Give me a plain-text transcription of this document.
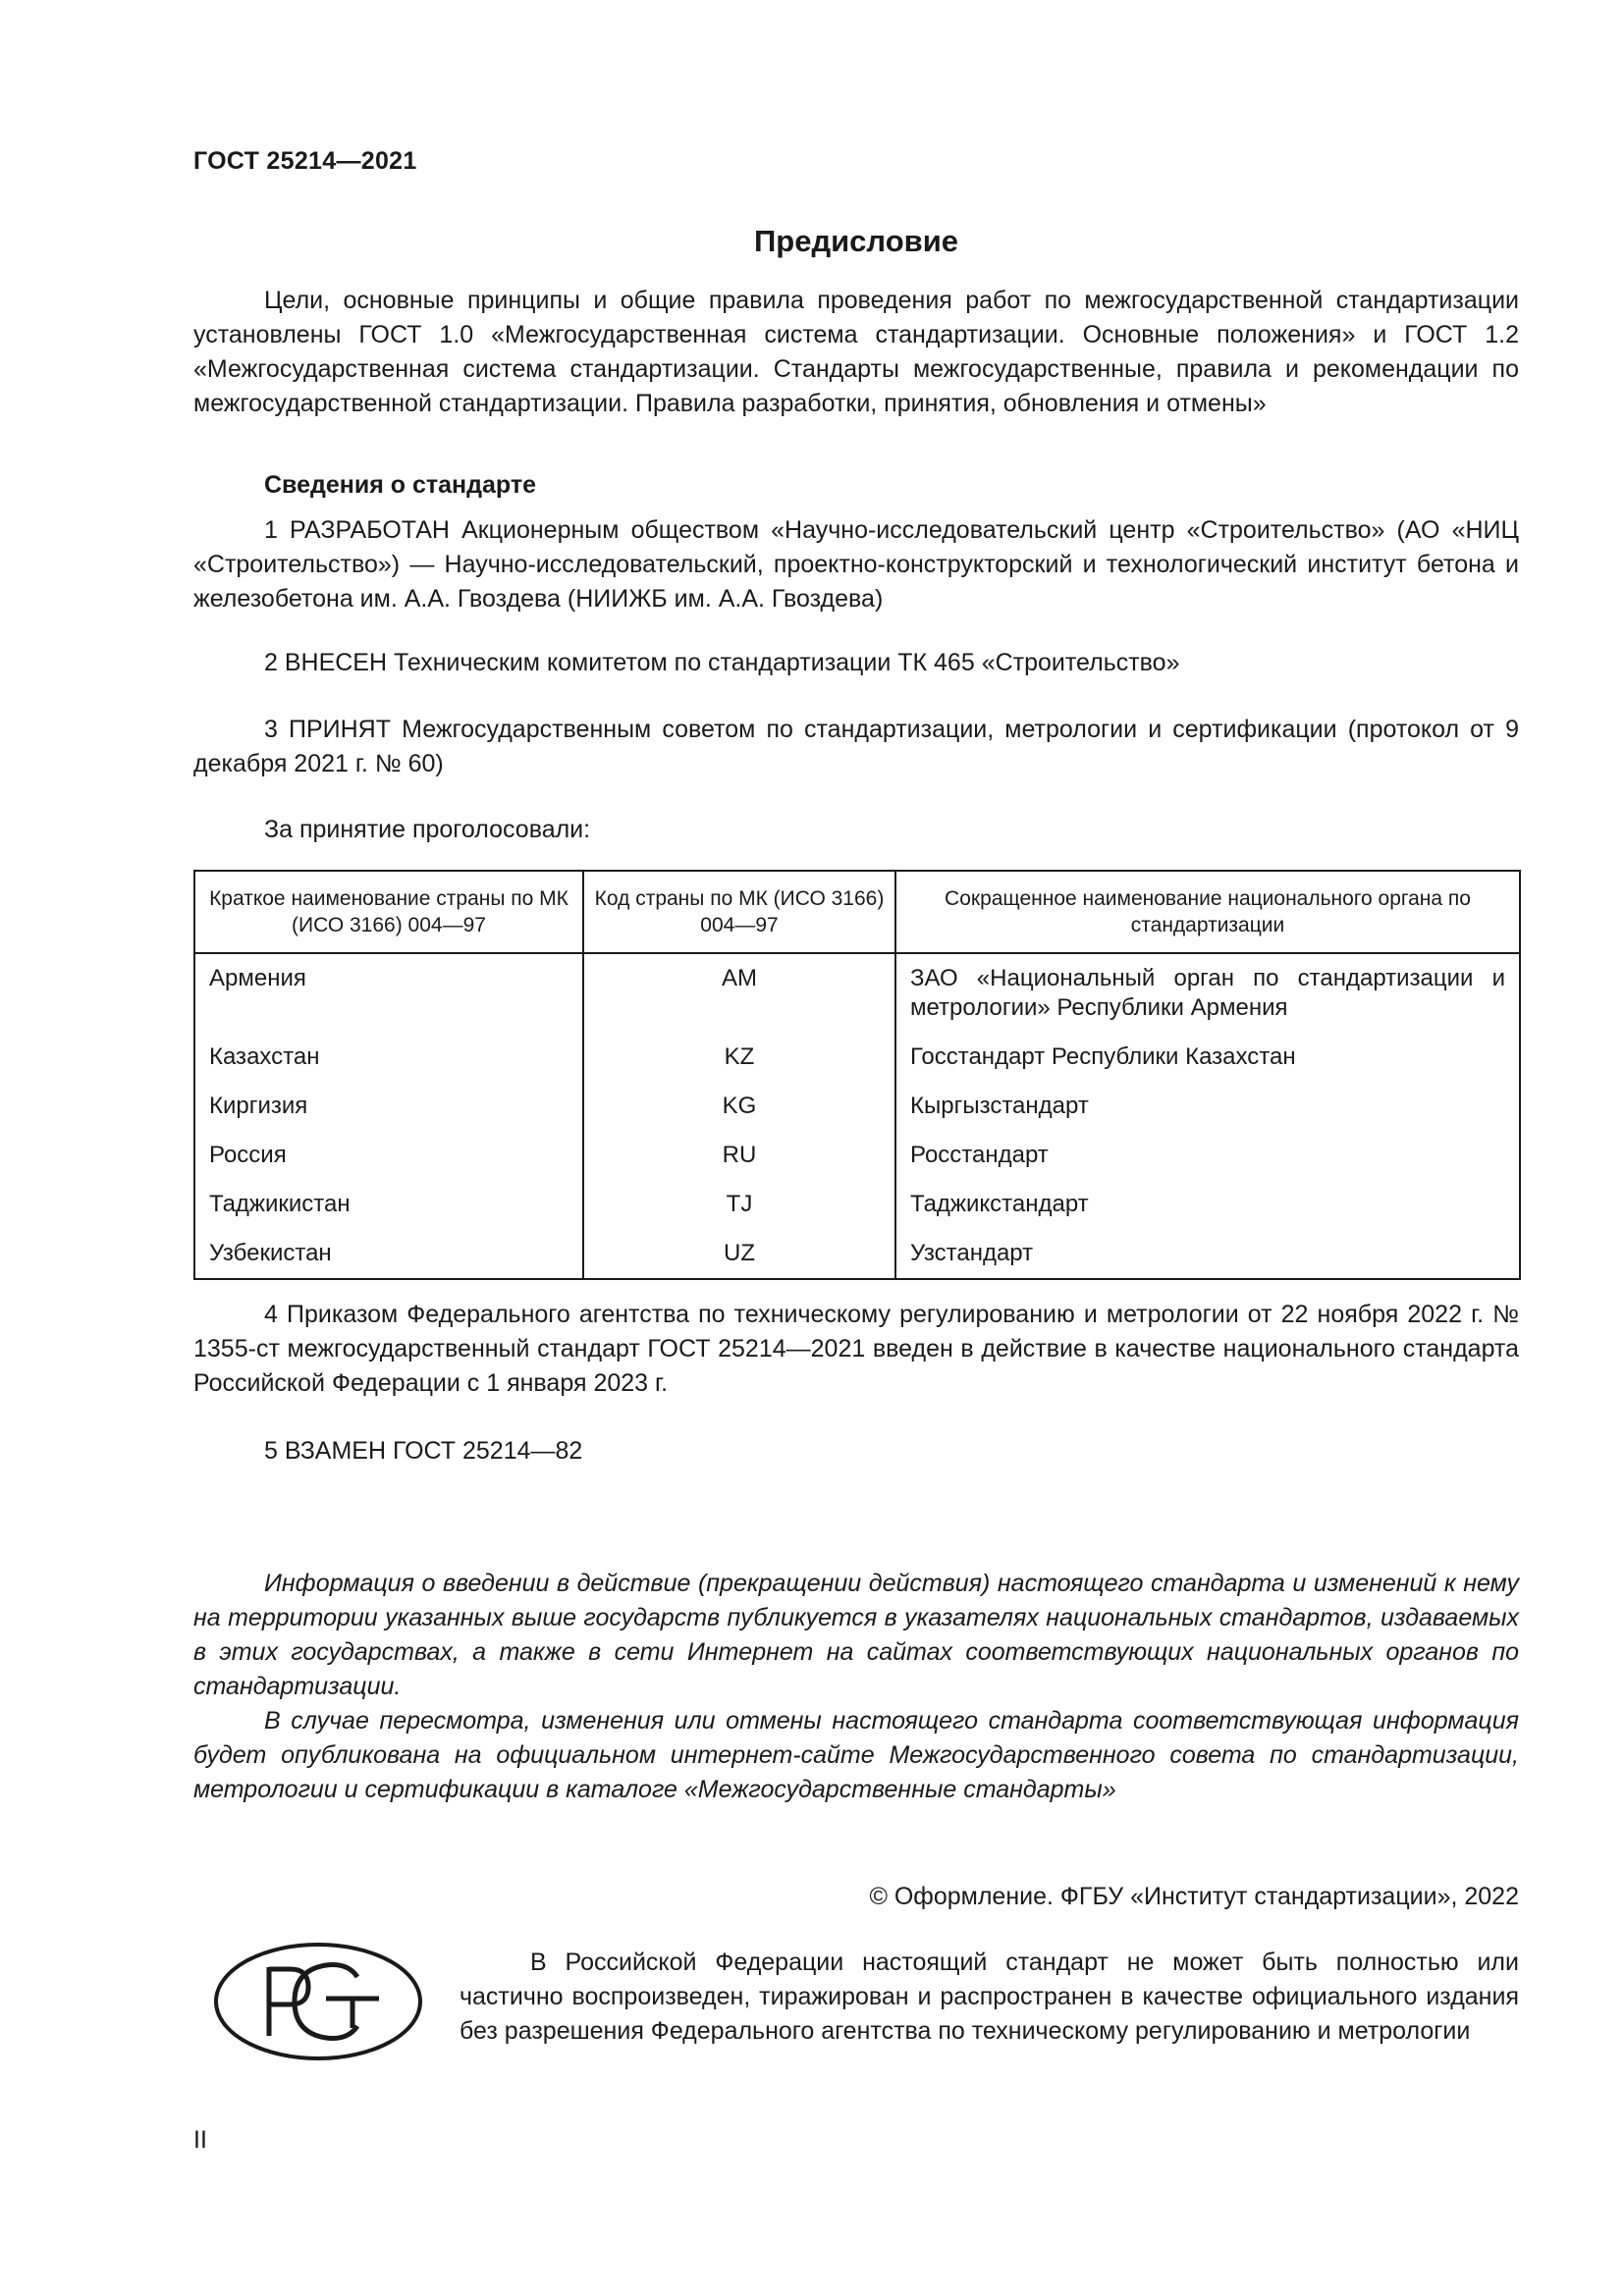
ГОСТ 25214—2021
Предисловие

Цели, основные принципы и общие правила проведения работ по межгосударственной стандартизации установлены ГОСТ 1.0 «Межгосударственная система стандартизации. Основные положения» и ГОСТ 1.2 «Межгосударственная система стандартизации. Стандарты межгосударственные, правила и рекомендации по межгосударственной стандартизации. Правила разработки, принятия, обновления и отмены»

Сведения о стандарте

1 РАЗРАБОТАН Акционерным обществом «Научно-исследовательский центр «Строительство» (АО «НИЦ «Строительство») — Научно-исследовательский, проектно-конструкторский и технологический институт бетона и железобетона им. А.А. Гвоздева (НИИЖБ им. А.А. Гвоздева)

2 ВНЕСЕН Техническим комитетом по стандартизации ТК 465 «Строительство»

3 ПРИНЯТ Межгосударственным советом по стандартизации, метрологии и сертификации (протокол от 9 декабря 2021 г. № 60)

За принятие проголосовали:

Краткое наименование страны по МК (ИСО 3166) 004—97	Код страны по МК (ИСО 3166) 004—97	Сокращенное наименование национального органа по стандартизации
Армения	AM	ЗАО «Национальный орган по стандартизации и метрологии» Республики Армения
Казахстан	KZ	Госстандарт Республики Казахстан
Киргизия	KG	Кыргызстандарт
Россия	RU	Росстандарт
Таджикистан	TJ	Таджикстандарт
Узбекистан	UZ	Узстандарт

4 Приказом Федерального агентства по техническому регулированию и метрологии от 22 ноября 2022 г. № 1355-ст межгосударственный стандарт ГОСТ 25214—2021 введен в действие в качестве национального стандарта Российской Федерации с 1 января 2023 г.

5 ВЗАМЕН ГОСТ 25214—82

Информация о введении в действие (прекращении действия) настоящего стандарта и изменений к нему на территории указанных выше государств публикуется в указателях национальных стандартов, издаваемых в этих государствах, а также в сети Интернет на сайтах соответствующих национальных органов по стандартизации.

В случае пересмотра, изменения или отмены настоящего стандарта соответствующая информация будет опубликована на официальном интернет-сайте Межгосударственного совета по стандартизации, метрологии и сертификации в каталоге «Межгосударственные стандарты»

© Оформление. ФГБУ «Институт стандартизации», 2022

В Российской Федерации настоящий стандарт не может быть полностью или частично воспроизведен, тиражирован и распространен в качестве официального издания без разрешения Федерального агентства по техническому регулированию и метрологии

II
